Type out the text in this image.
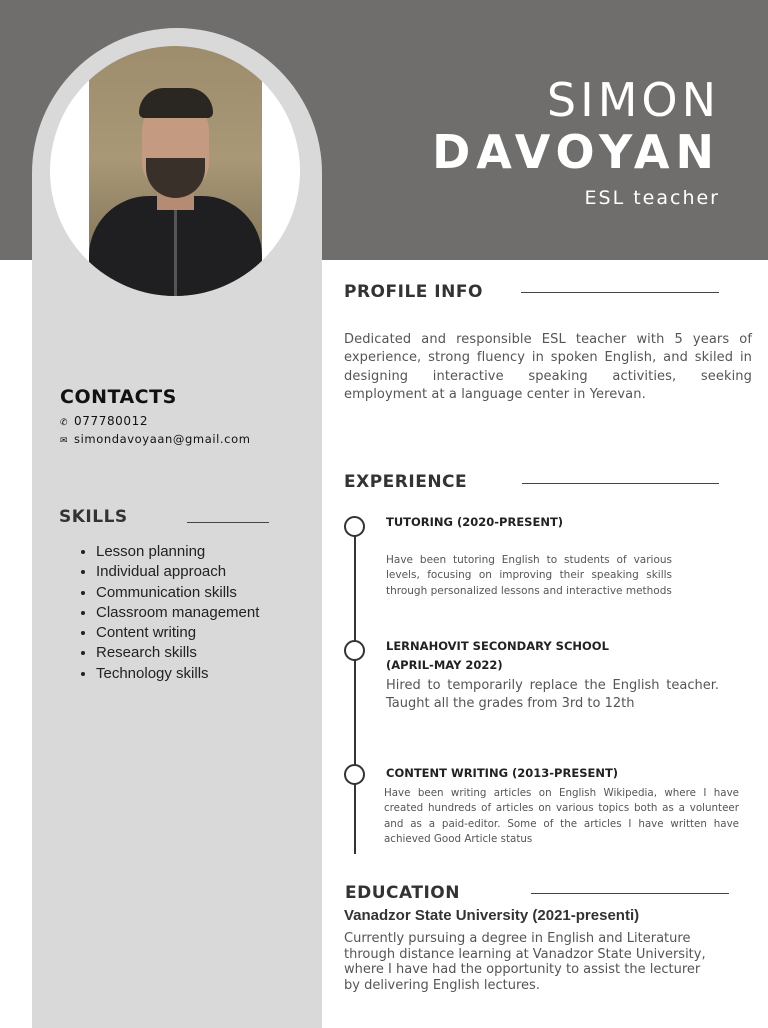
SIMON
DAVOYAN
ESL teacher
CONTACTS
✆ 077780012
✉ simondavoyaan@gmail.com
SKILLS
• Lesson planning
• Individual approach
• Communication skills
• Classroom management
• Content writing
• Research skills
• Technology skills
PROFILE INFO
Dedicated and responsible ESL teacher with 5 years of experience, strong fluency in spoken English, and skiled in designing interactive speaking activities, seeking employment at a language center in Yerevan.
EXPERIENCE
TUTORING (2020-PRESENT)
Have been tutoring English to students of various levels, focusing on improving their speaking skills through personalized lessons and interactive methods
LERNAHOVIT SECONDARY SCHOOL
(APRIL-MAY 2022)
Hired to temporarily replace the English teacher. Taught all the grades from 3rd to 12th
CONTENT WRITING (2013-PRESENT)
Have been writing articles on English Wikipedia, where I have created hundreds of articles on various topics both as a volunteer and as a paid-editor. Some of the articles I have written have achieved Good Article status
EDUCATION
Vanadzor State University (2021-presenti)
Currently pursuing a degree in English and Literature through distance learning at Vanadzor State University, where I have had the opportunity to assist the lecturer by delivering English lectures.
